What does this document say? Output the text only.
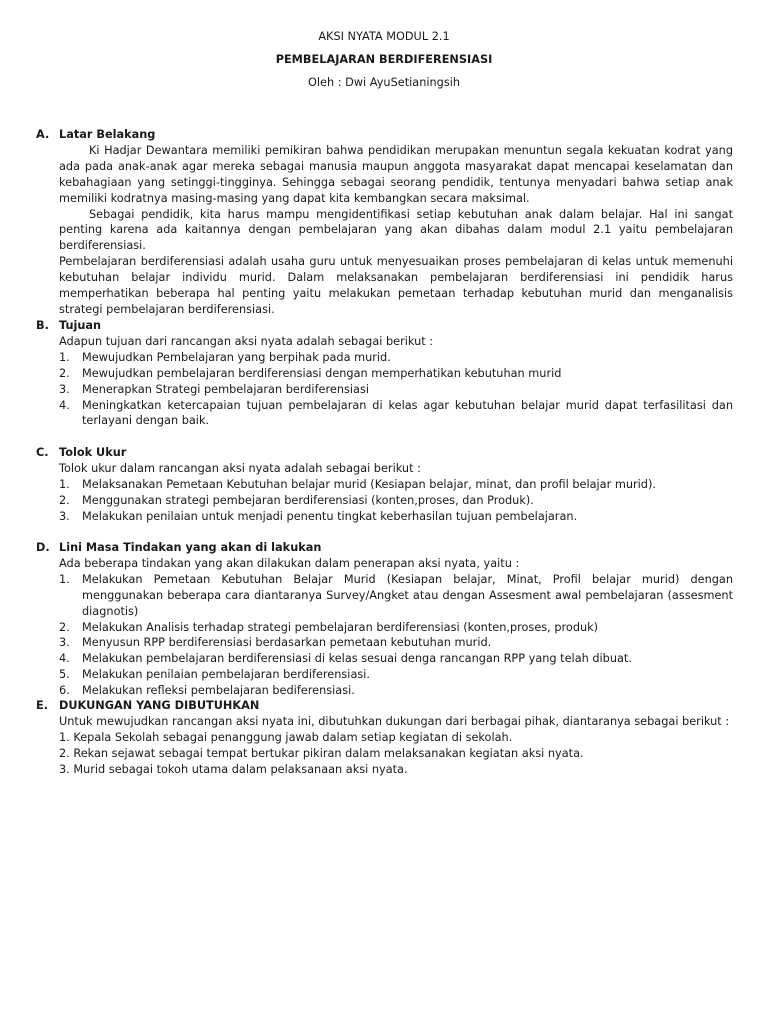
AKSI NYATA MODUL 2.1
PEMBELAJARAN BERDIFERENSIASI
Oleh : Dwi AyuSetianingsih
A. Latar Belakang

Ki Hadjar Dewantara memiliki pemikiran bahwa pendidikan merupakan menuntun segala kekuatan kodrat yang ada pada anak-anak agar mereka sebagai manusia maupun anggota masyarakat dapat mencapai keselamatan dan kebahagiaan yang setinggi-tingginya. Sehingga sebagai seorang pendidik, tentunya menyadari bahwa setiap anak memiliki kodratnya masing-masing yang dapat kita kembangkan secara maksimal.

Sebagai pendidik, kita harus mampu mengidentifikasi setiap kebutuhan anak dalam belajar. Hal ini sangat penting karena ada kaitannya dengan pembelajaran yang akan dibahas dalam modul 2.1 yaitu pembelajaran berdiferensiasi.

Pembelajaran berdiferensiasi adalah usaha guru untuk menyesuaikan proses pembelajaran di kelas untuk memenuhi kebutuhan belajar individu murid. Dalam melaksanakan pembelajaran berdiferensiasi ini pendidik harus memperhatikan beberapa hal penting yaitu melakukan pemetaan terhadap kebutuhan murid dan menganalisis strategi pembelajaran berdiferensiasi.

B. Tujuan
Adapun tujuan dari rancangan aksi nyata adalah sebagai berikut :
1.	Mewujudkan Pembelajaran yang berpihak pada murid.
2.	Mewujudkan pembelajaran berdiferensiasi dengan memperhatikan kebutuhan murid
3.	Menerapkan Strategi pembelajaran berdiferensiasi
4.	Meningkatkan ketercapaian tujuan pembelajaran di kelas agar kebutuhan belajar murid dapat terfasilitasi dan terlayani dengan baik.
C. Tolok Ukur
Tolok ukur dalam rancangan aksi nyata adalah sebagai berikut :
1.	Melaksanakan Pemetaan Kebutuhan belajar murid (Kesiapan belajar, minat, dan profil belajar murid).
2.	Menggunakan strategi pembejaran berdiferensiasi (konten,proses, dan Produk).
3.	Melakukan penilaian untuk menjadi penentu tingkat keberhasilan tujuan pembelajaran.
D. Lini Masa Tindakan yang akan di lakukan
Ada beberapa tindakan yang akan dilakukan dalam penerapan aksi nyata, yaitu :
1.	Melakukan Pemetaan Kebutuhan Belajar Murid (Kesiapan belajar, Minat, Profil belajar murid) dengan menggunakan beberapa cara diantaranya Survey/Angket atau dengan Assesment awal pembelajaran (assesment diagnotis)
2.	Melakukan Analisis terhadap strategi pembelajaran berdiferensiasi (konten,proses, produk)
3.	Menyusun RPP berdiferensiasi berdasarkan pemetaan kebutuhan murid.
4.	Melakukan pembelajaran berdiferensiasi di kelas sesuai denga rancangan RPP yang telah dibuat.
5.	Melakukan penilaian pembelajaran berdiferensiasi.
6.	Melakukan refleksi pembelajaran bediferensiasi.
E. DUKUNGAN YANG DIBUTUHKAN
Untuk mewujudkan rancangan aksi nyata ini, dibutuhkan dukungan dari berbagai pihak, diantaranya sebagai berikut :
1. Kepala Sekolah sebagai penanggung jawab dalam setiap kegiatan di sekolah.
2. Rekan sejawat sebagai tempat bertukar pikiran dalam melaksanakan kegiatan aksi nyata.
3. Murid sebagai tokoh utama dalam pelaksanaan aksi nyata.
